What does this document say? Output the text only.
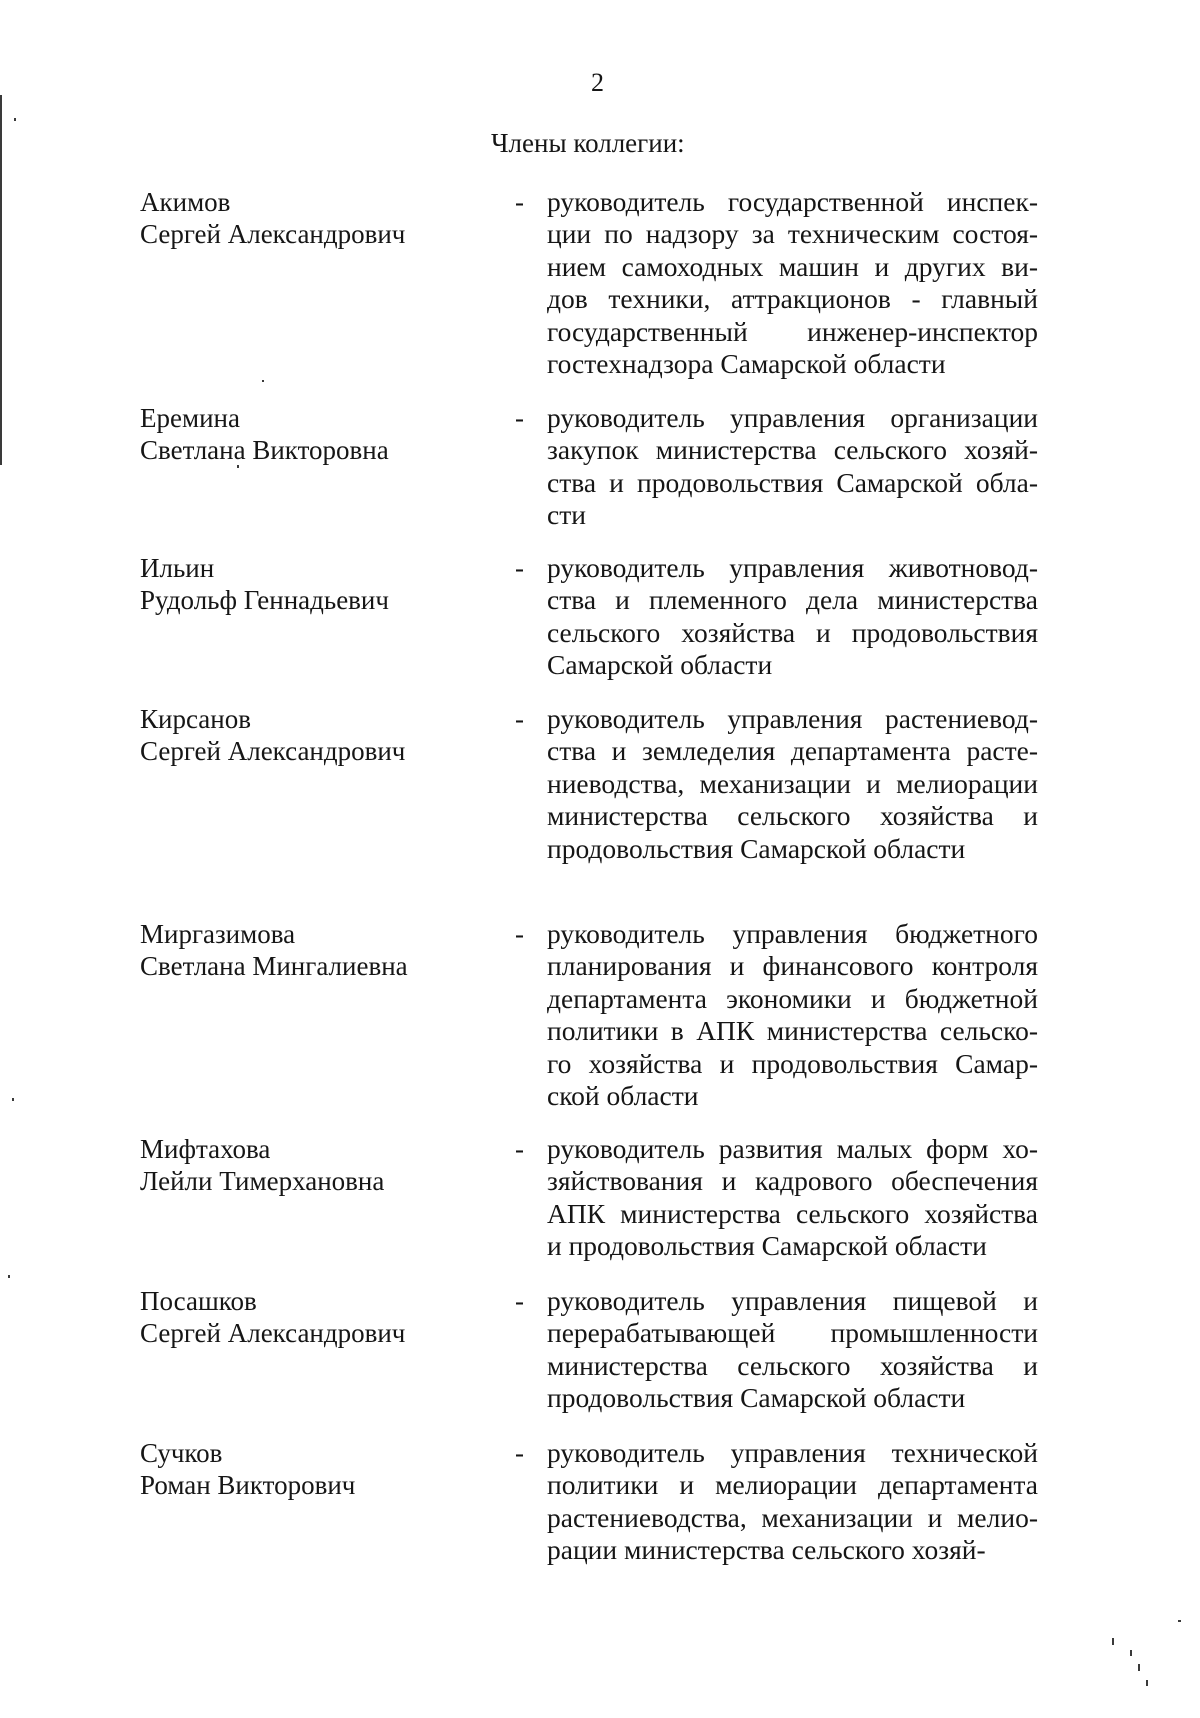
2
Члены коллегии:
Акимов
Сергей Александрович
- руководитель государственной инспек-
ции по надзору за техническим состоя-
нием самоходных машин и других ви-
дов техники, аттракционов - главный
государственный инженер-инспектор
гостехнадзора Самарской области
Еремина
Светлана Викторовна
- руководитель управления организации
закупок министерства сельского хозяй-
ства и продовольствия Самарской обла-
сти
Ильин
Рудольф Геннадьевич
- руководитель управления животновод-
ства и племенного дела министерства
сельского хозяйства и продовольствия
Самарской области
Кирсанов
Сергей Александрович
- руководитель управления растениевод-
ства и земледелия департамента расте-
ниеводства, механизации и мелиорации
министерства сельского хозяйства и
продовольствия Самарской области
Миргазимова
Светлана Мингалиевна
- руководитель управления бюджетного
планирования и финансового контроля
департамента экономики и бюджетной
политики в АПК министерства сельско-
го хозяйства и продовольствия Самар-
ской области
Мифтахова
Лейли Тимерхановна
- руководитель развития малых форм хо-
зяйствования и кадрового обеспечения
АПК министерства сельского хозяйства
и продовольствия Самарской области
Посашков
Сергей Александрович
- руководитель управления пищевой и
перерабатывающей промышленности
министерства сельского хозяйства и
продовольствия Самарской области
Сучков
Роман Викторович
- руководитель управления технической
политики и мелиорации департамента
растениеводства, механизации и мелио-
рации министерства сельского хозяй-
